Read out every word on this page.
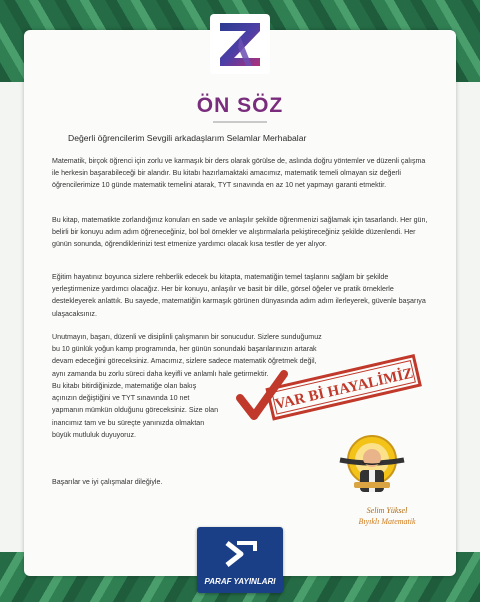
ÖN SÖZ
Değerli öğrencilerim Sevgili arkadaşlarım Selamlar Merhabalar

Matematik, birçok öğrenci için zorlu ve karmaşık bir ders olarak görülse de, aslında doğru yöntemler ve düzenli çalışma ile herkesin başarabileceği bir alandır. Bu kitabı hazırlamaktaki amacımız, matematik temeli olmayan siz değerli öğrencilerimize 10 günde matematik temelini atarak, TYT sınavında en az 10 net yapmayı garanti etmektir.

Bu kitap, matematikte zorlandığınız konuları en sade ve anlaşılır şekilde öğrenmenizi sağlamak için tasarlandı. Her gün, belirli bir konuyu adım adım öğreneceğiniz, bol bol örnekler ve alıştırmalarla pekiştireceğiniz şekilde düzenlendi. Her günün sonunda, öğrendiklerinizi test etmenize yardımcı olacak kısa testler de yer alıyor.

Eğitim hayatınız boyunca sizlere rehberlik edecek bu kitapta, matematiğin temel taşlarını sağlam bir şekilde yerleştirmenize yardımcı olacağız. Her bir konuyu, anlaşılır ve basit bir dille, görsel öğeler ve pratik örneklerle destekleyerek anlattık. Bu sayede, matematiğin karmaşık görünen dünyasında adım adım ilerleyerek, güvenle başarıya ulaşacaksınız.

Unutmayın, başarı, düzenli ve disiplinli çalışmanın bir sonucudur. Sizlere sunduğumuz bu 10 günlük yoğun kamp programında, her günün sonundaki başarılarınızın artarak devam edeceğini göreceksiniz. Amacımız, sizlere sadece matematik öğretmek değil, aynı zamanda bu zorlu süreci daha keyifli ve anlamlı hale getirmektir.

Bu kitabı bitirdiğinizde, matematiğe olan bakış açınızın değiştiğini ve TYT sınavında 10 net yapmanın mümkün olduğunu göreceksiniz. Size olan inancımız tam ve bu süreçte yanınızda olmaktan büyük mutluluk duyuyoruz.

Başarılar ve iyi çalışmalar dileğiyle.

VAR Bİ HAYALİMİZ
Selim Yüksel
Bıyıklı Matematik
PARAF YAYINLARI
